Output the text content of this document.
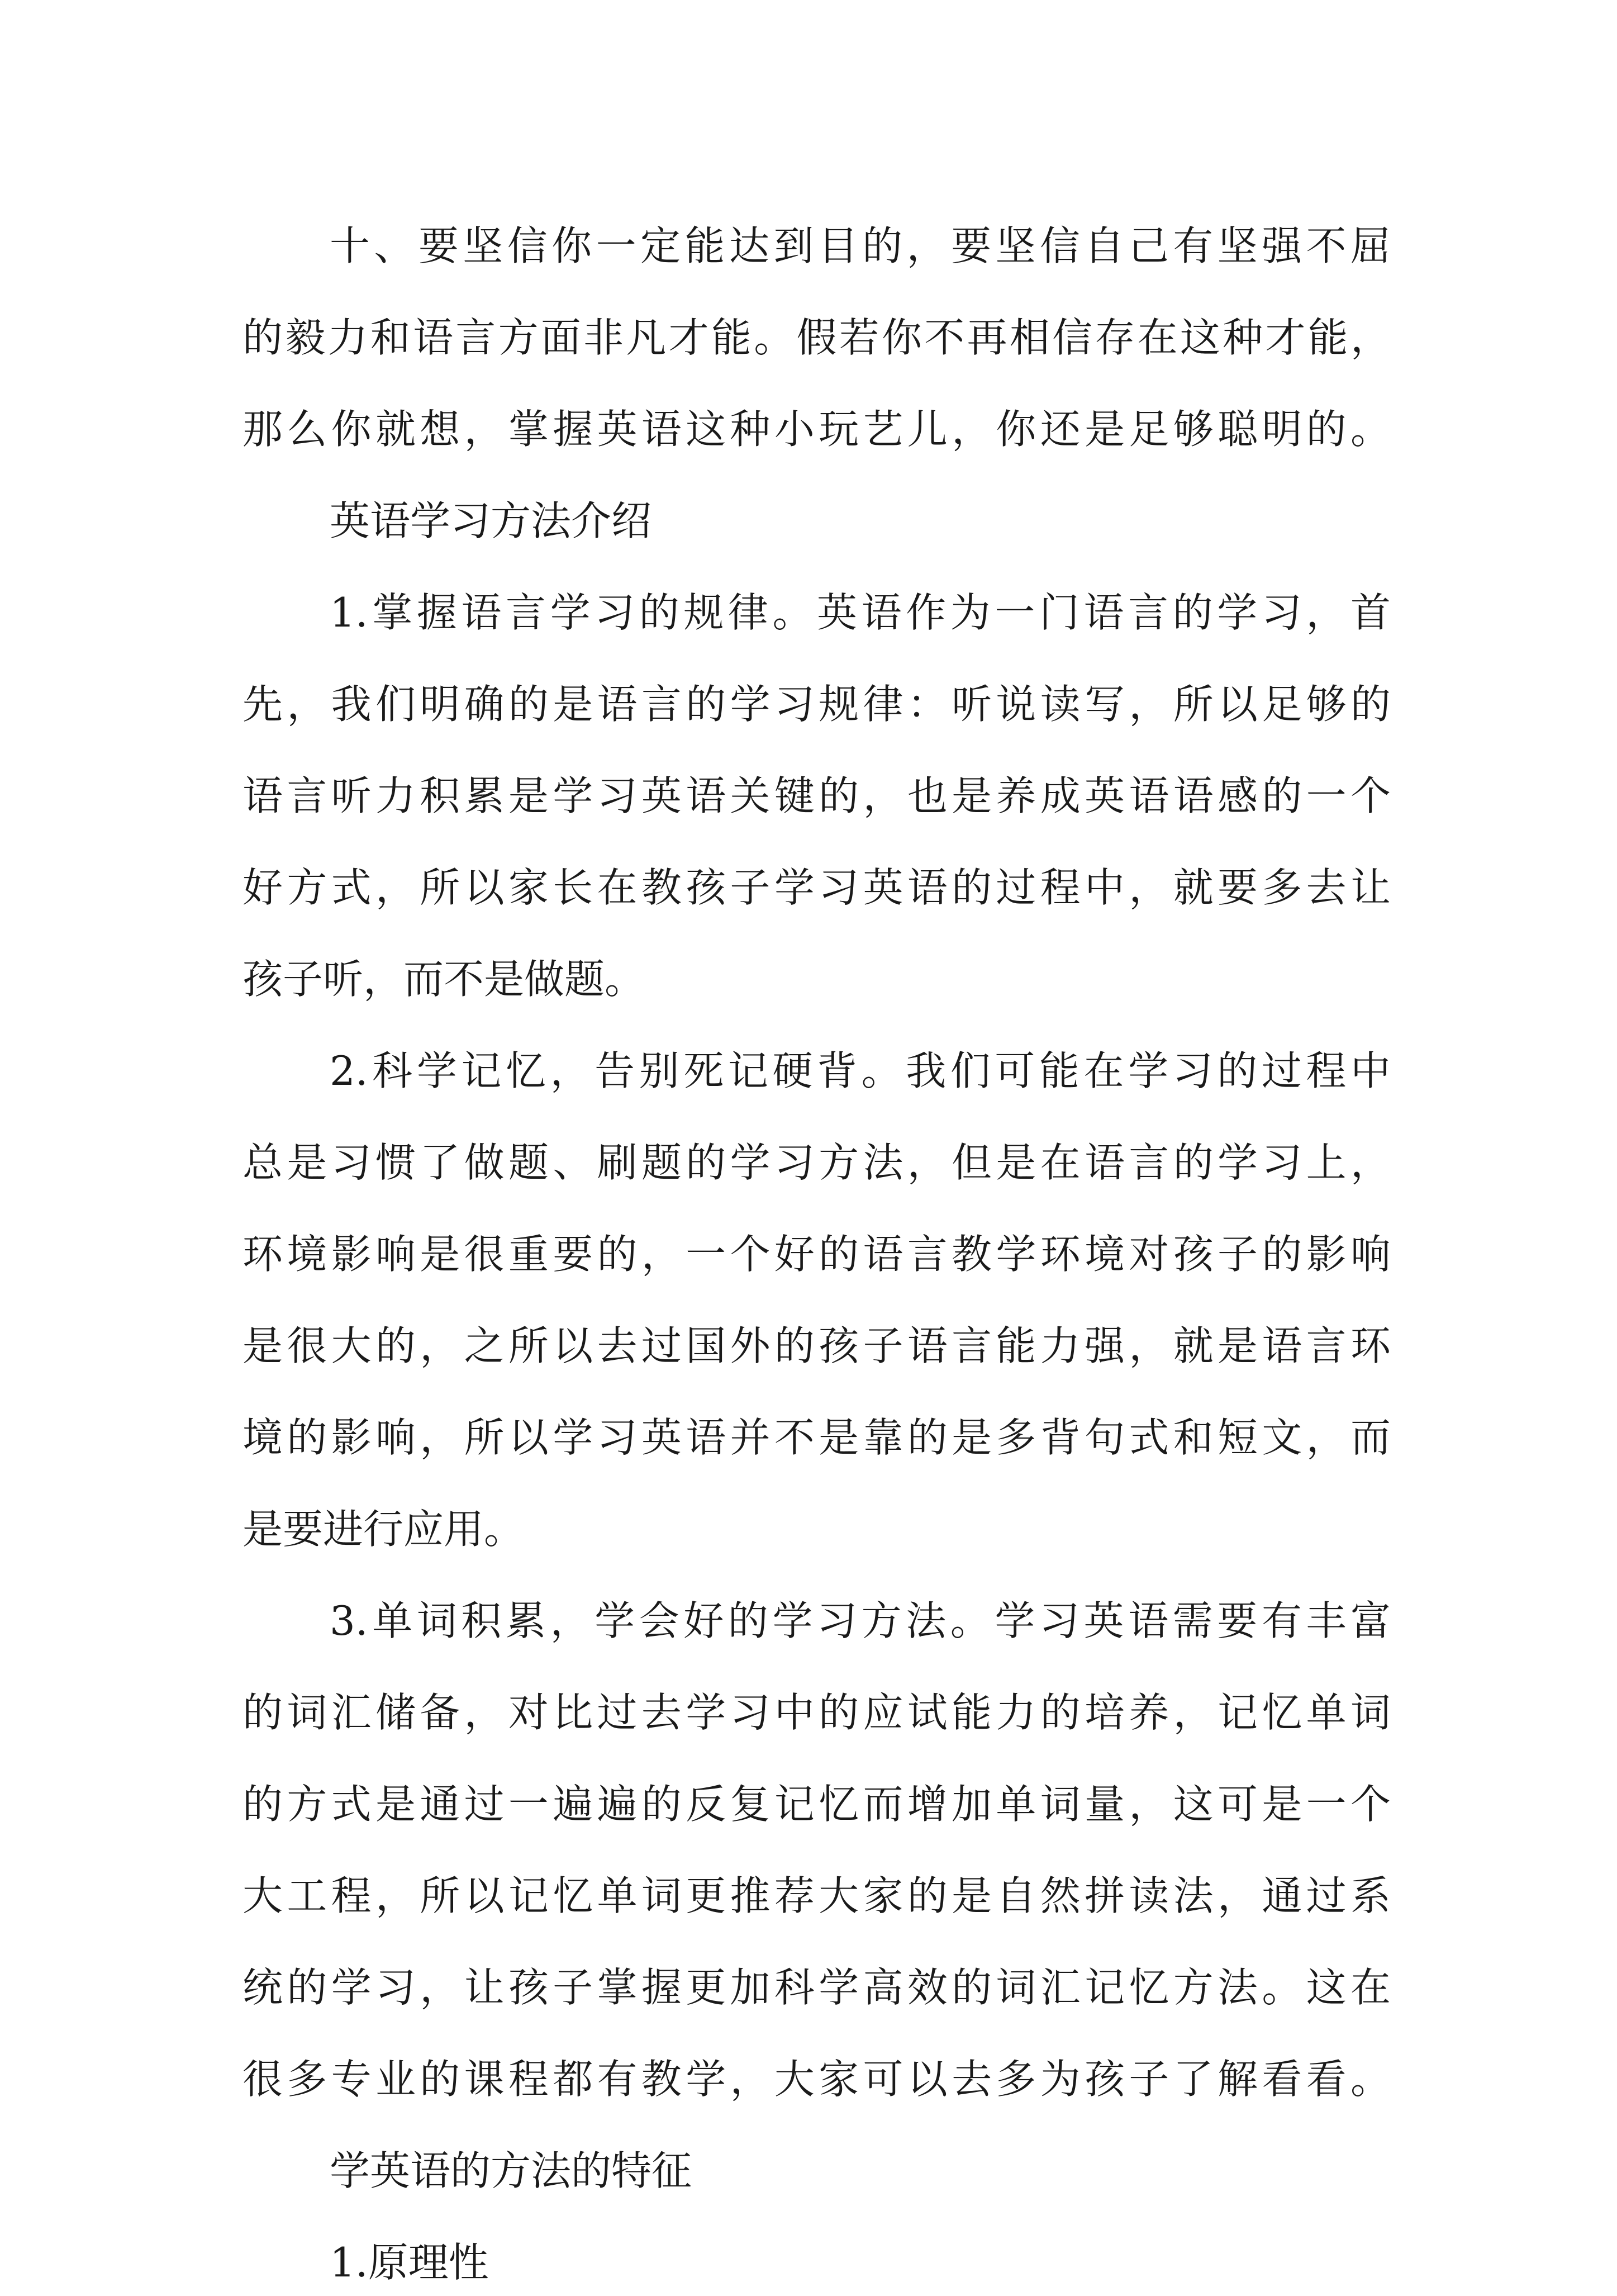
十、要坚信你一定能达到目的，要坚信自己有坚强不屈
的毅力和语言方面非凡才能。假若你不再相信存在这种才能，
那么你就想，掌握英语这种小玩艺儿，你还是足够聪明的。
英语学习方法介绍
1.掌握语言学习的规律。英语作为一门语言的学习，首
先，我们明确的是语言的学习规律：听说读写，所以足够的
语言听力积累是学习英语关键的，也是养成英语语感的一个
好方式，所以家长在教孩子学习英语的过程中，就要多去让
孩子听，而不是做题。
2.科学记忆，告别死记硬背。我们可能在学习的过程中
总是习惯了做题、刷题的学习方法，但是在语言的学习上，
环境影响是很重要的，一个好的语言教学环境对孩子的影响
是很大的，之所以去过国外的孩子语言能力强，就是语言环
境的影响，所以学习英语并不是靠的是多背句式和短文，而
是要进行应用。
3.单词积累，学会好的学习方法。学习英语需要有丰富
的词汇储备，对比过去学习中的应试能力的培养，记忆单词
的方式是通过一遍遍的反复记忆而增加单词量，这可是一个
大工程，所以记忆单词更推荐大家的是自然拼读法，通过系
统的学习，让孩子掌握更加科学高效的词汇记忆方法。这在
很多专业的课程都有教学，大家可以去多为孩子了解看看。
学英语的方法的特征
1.原理性
